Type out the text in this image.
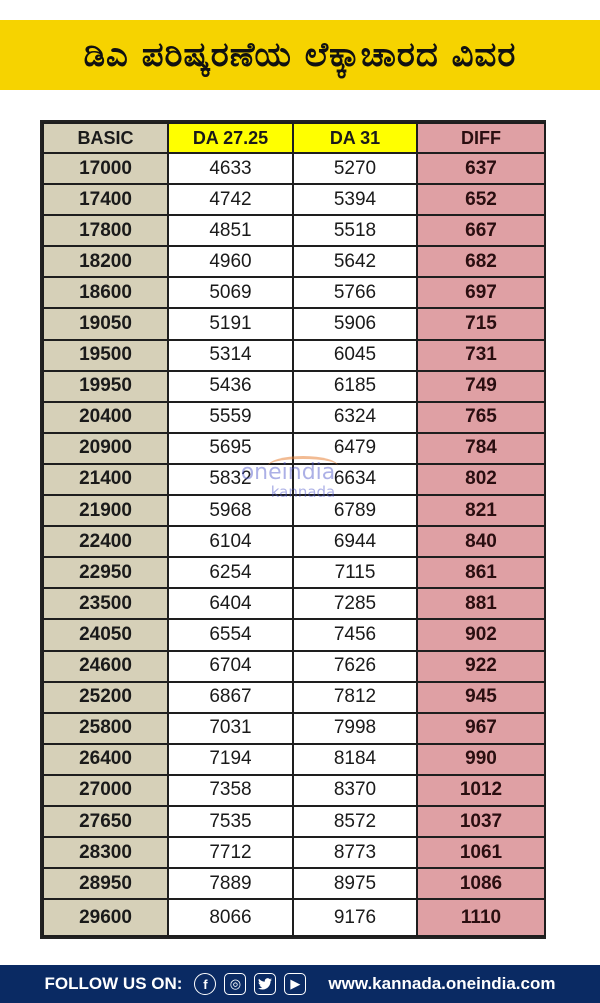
ಡಿಎ ಪರಿಷ್ಕರಣೆಯ ಲೆಕ್ಕಾಚಾರದ ವಿವರ
BASIC	DA 27.25	DA 31	DIFF
17000	4633	5270	637
17400	4742	5394	652
17800	4851	5518	667
18200	4960	5642	682
18600	5069	5766	697
19050	5191	5906	715
19500	5314	6045	731
19950	5436	6185	749
20400	5559	6324	765
20900	5695	6479	784
21400	5832	6634	802
21900	5968	6789	821
22400	6104	6944	840
22950	6254	7115	861
23500	6404	7285	881
24050	6554	7456	902
24600	6704	7626	922
25200	6867	7812	945
25800	7031	7998	967
26400	7194	8184	990
27000	7358	8370	1012
27650	7535	8572	1037
28300	7712	8773	1061
28950	7889	8975	1086
29600	8066	9176	1110
oneindia
kannada
FOLLOW US ON:	f	◎	▶	www.kannada.oneindia.com
